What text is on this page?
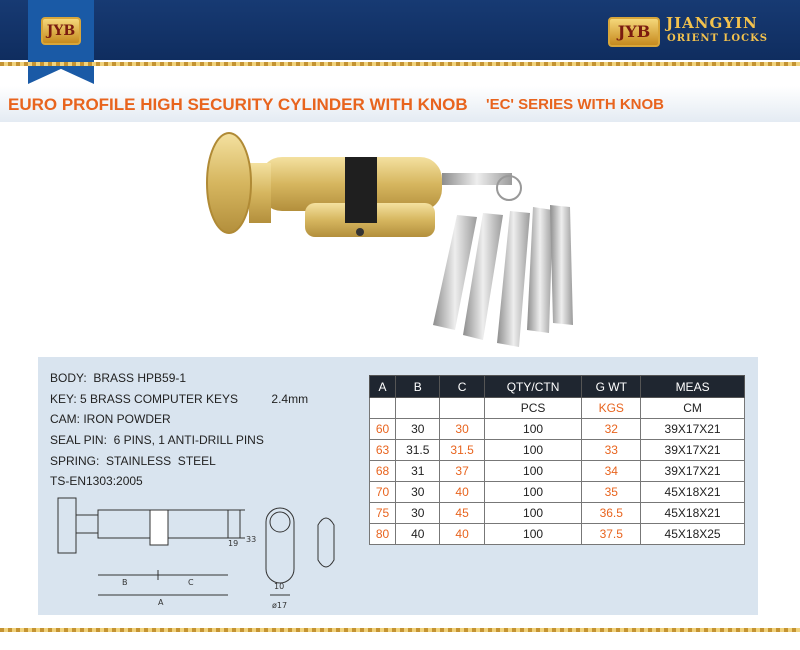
JYB	JYB	JIANGYIN
ORIENT LOCKS
EURO PROFILE HIGH SECURITY CYLINDER WITH KNOB 'EC' SERIES WITH KNOB
BODY:  BRASS HPB59-1
KEY: 5 BRASS COMPUTER KEYS          2.4mm
CAM: IRON POWDER
SEAL PIN:  6 PINS, 1 ANTI-DRILL PINS
SPRING:  STAINLESS  STEEL
TS-EN1303:2005
B	C
A
19 33
10
ø17
A	B	C	QTY/CTN	G WT	MEAS
			PCS	KGS	CM
60	30	30	100	32	39X17X21
63	31.5	31.5	100	33	39X17X21
68	31	37	100	34	39X17X21
70	30	40	100	35	45X18X21
75	30	45	100	36.5	45X18X21
80	40	40	100	37.5	45X18X25
